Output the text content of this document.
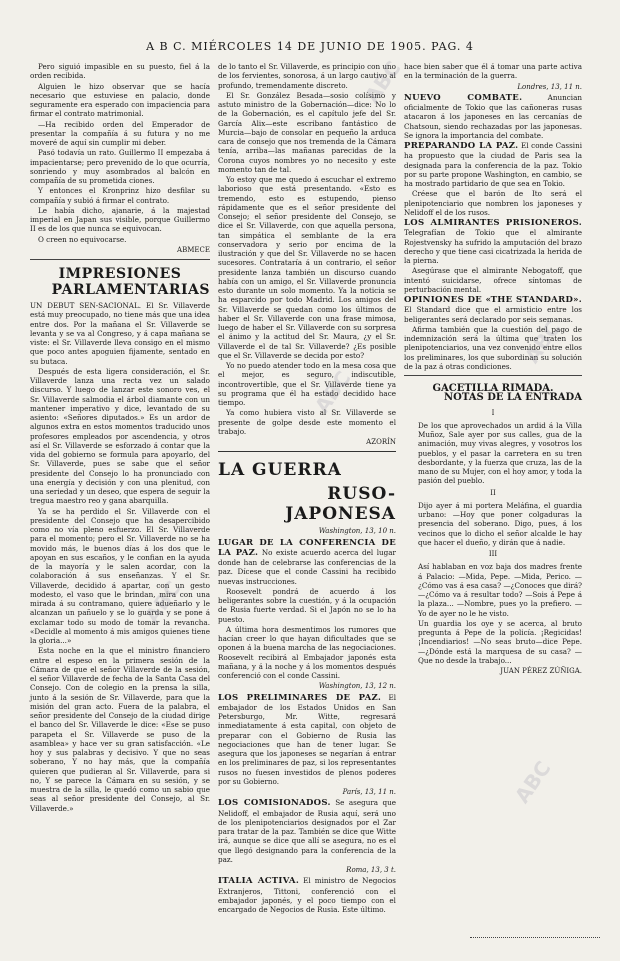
A B C. MIÉRCOLES 14 DE JUNIO DE 1905. PAG. 4

Pero siguió impasible en su puesto, fiel á la orden recibida.

Alguien le hizo observar que se hacía necesario que estuviese en palacio, donde seguramente era esperado con impaciencia para firmar el contrato matrimonial.

—Ha recibido orden del Emperador de presentar la compañía á su futura y no me moveré de aquí sin cumplir mi deber.

Pasó todavía un rato. Guillermo II empezaba á impacientarse; pero prevenido de lo que ocurría, sonriendo y muy asombrados al balcón en compañía de su prometida ciones.

Y entonces el Kronprinz hizo desfilar su compañía y subió á firmar el contrato.

Le había dicho, ajanarie, á la majestad imperial en Japan sus visible, porque Guillermo II es de los que nunca se equivocan.

O creen no equivocarse.

ABMECE
IMPRESIONES
PARLAMENTARIAS

UN DEBUT SEN-SACIONAL. El Sr. Villaverde está muy preocupado, no tiene más que una idea entre dos. Por la mañana el Sr. Villaverde se levanta y se va al Congreso, y á capa mañana se viste: el Sr. Villaverde lleva consigo en el mismo que poco antes apoguien fijamente, sentado en su butaca.

Después de esta ligera consideración, el Sr. Villaverde lanza una recta vez un salado discurso. Y luego de lanzar este sonoro ves, el Sr. Villaverde salmodia el árbol diamante con un mantener imperativo y dice, levantado de su asiento: «Señores diputados.» Es un ardor de algunos extra en estos momentos traducido unos profesores empleados por ascendencia, y otros así el Sr. Villaverde se esforzado á contar que la vida del gobierno se formula para apoyarlo, del Sr. Villaverde, pues se sabe que el señor presidente del Consejo lo ha pronunciado con una energía y decisión y con una plenitud, con una seriedad y un deseo, que espera de seguir la tregua maestro reo y gana abarquilla.

Ya se ha perdido el Sr. Villaverde con el presidente del Consejo que ha desapercibido como no vía pleno esfuerzo. El Sr. Villaverde para el momento; pero el Sr. Villaverde no se ha movido más, le buenos días á los dos que le apoyan en sus escaños, y le confian en la ayuda de la mayoría y le salen acordar, con la colaboración á sus enseñanzas. Y el Sr. Villaverde, decidido á apartar, con un gesto modesto, el vaso que le brindan, mira con una mirada á su contramano, quiere adueñarlo y le alcanzan un pañuelo y se lo guarda y se pone á exclamar todo su modo de tomar la revancha. «Decidle al momento á mis amigos quienes tiene la gloria...»

Esta noche en la que el ministro financiero entre el espeso en la primera sesión de la Cámara de que el señor Villaverde de la sesión, el señor Villaverde de fecha de la Santa Casa del Consejo. Con de colegio en la prensa la silla, junto á la sesión de Sr. Villaverde, para que la misión del gran acto. Fuera de la palabra, el señor presidente del Consejo de la ciudad dirige el banco del Sr. Villaverde le dice: «Ese se puso parapeta el Sr. Villaverde se puso de la asamblea» y hace ver su gran satisfacción. «Le hoy y sus palabras y decisivo. Y que no seas soberano, Y no hay más, que la compañía quieren que pudieran al Sr. Villaverde, para si no, Y se parece la Cámara en su sesión, y se muestra de la silla, le quedó como un sabio que seas al señor presidente del Consejo, al Sr. Villaverde.»

de lo tanto el Sr. Villaverde, es principio con uno de los fervientes, sonorosa, á un largo cautivo al profundo, tremendamente discreto.

El Sr. González Besada—sosio colísimo y astuto ministro de la Gobernación—dice: No lo de la Gobernación, es el capítulo jefe del Sr. García Alix—este escribano fantástico de Murcia—bajo de consolar en pequeño la arduca cara de consejo que nos tremenda de la Cámara tenía, arriba—las mañanas parecidas de la Corona cuyos nombres yo no necesito y este momento tan de tal.

Yo estoy que me quedo á escuchar el extremo laborioso que está presentando. «Esto es tremendo, esto es estupendo, pienso rápidamente que es el señor presidente del Consejo; el señor presidente del Consejo, se dice el Sr. Villaverde, con que aquella persona, tan simpática el semblante de la era conservadora y serio por encima de la ilustración y que del Sr. Villaverde no se hacen sucesores. Contrataría á un contrario, el señor presidente lanza también un discurso cuando había con un amigo, el Sr. Villaverde pronuncia esto durante un solo momento. Ya la noticia se ha esparcido por todo Madrid. Los amigos del Sr. Villaverde se quedan como los últimos de haber el Sr. Villaverde con una frase mimosa, luego de haber el Sr. Villaverde con su sorpresa el ánimo y la actitud del Sr. Maura, ¿y el Sr. Villaverde el de tal Sr. Villaverde? ¿Es posible que el Sr. Villaverde se decida por esto?

Yo no puedo atender todo en la mesa cosa que el mejor, es seguro, indiscutible, incontrovertible, que el Sr. Villaverde tiene ya su programa que él ha estado decidido hace tiempo.

Ya como hubiera visto al Sr. Villaverde se presente de golpe desde este momento el trabajo.

AZORÍN
LA GUERRA
RUSO-JAPONESA
Washington, 13, 10 n.

LUGAR DE LA CONFERENCIA DE LA PAZ. No existe acuerdo acerca del lugar donde han de celebrarse las conferencias de la paz. Dícese que el conde Cassini ha recibido nuevas instrucciones.

Roosevelt pondrá de acuerdo á los beligerantes sobre la cuestión, y á la ocupación de Rusia fuerte verdad. Si el Japón no se lo ha puesto.

A última hora desmentimos los rumores que hacían creer lo que hayan dificultades que se oponen á la buena marcha de las negociaciones. Roosevelt recibirá al Embajador japonés esta mañana, y á la noche y á los momentos después conferenció con el conde Cassini.

Washington, 13, 12 n.

LOS PRELIMINARES DE PAZ. El embajador de los Estados Unidos en San Petersburgo, Mr. Witte, regresará inmediatamente á esta capital, con objeto de preparar con el Gobierno de Rusia las negociaciones que han de tener lugar. Se asegura que los japoneses se negarían á entrar en los preliminares de paz, si los representantes rusos no fuesen investidos de plenos poderes por su Gobierno.

París, 13, 11 n.

LOS COMISIONADOS. Se asegura que Nelidoff, el embajador de Rusia aquí, será uno de los plenipotenciarios designados por el Zar para tratar de la paz. También se dice que Witte irá, aunque se dice que allí se asegura, no es el que llegó designando para la conferencia de la paz.

Roma, 13, 3 t.

ITALIA ACTIVA. El ministro de Negocios Extranjeros, Tittoni, conferenció con el embajador japonés, y el poco tiempo con el encargado de Negocios de Rusia. Este último.

hace bien saber que él á tomar una parte activa en la terminación de la guerra.

Londres, 13, 11 n.

NUEVO COMBATE.	Anuncian oficialmente de Tokio que las cañoneras rusas atacaron á los japoneses en las cercanías de Chatsoun, siendo rechazadas por las japonesas. Se ignora la importancia del combate.

PREPARANDO LA PAZ. El conde Cassini ha propuesto que la ciudad de Paris sea la designada para la conferencia de la paz. Tokio por su parte propone Washington, en cambio, se ha mostrado partidario de que sea en Tokio.

Créese que el barón de Ito será el plenipotenciario que nombren los japoneses y Nelidoff el de los rusos.

LOS ALMIRANTES PRISIONEROS. Telegrafían de Tokio que el almirante Rojestvensky ha sufrido la amputación del brazo derecho y que tiene casi cicatrizada la herida de la pierna.

Asegúrase que el almirante Nebogatoff, que intentó suicidarse, ofrece síntomas de perturbación mental.

OPINIONES DE «THE STANDARD». El Standard dice que el armisticio entre los beligerantes será declarado por seis semanas.

Afirma también que la cuestión del pago de indemnización será la última que traten los plenipotenciarios, una vez convenido entre ellos los preliminares, los que subordinan su solución de la paz á otras condiciones.

GACETILLA RIMADA.
NOTAS DE LA ENTRADA
I

De los que aprovechados un ardid á la Villa Muñoz, Sale ayer por sus calles, gua de la animación, muy vivas alegres, y vosotros los pueblos, y el pasar la carretera en su tren desbordante, y la fuerza que cruza, las de la mano de su Mujer, con el hoy amor, y toda la pasión del pueblo.

II

Dijo ayer á mi portera Meláfina, el guardia urbano: —Hoy que poner colgaduras la presencia del soberano. Digo, pues, á los vecinos que lo dicho el señor alcalde le hay que hacer el dueño, y dirán que á nadie.

III

Así hablaban en voz baja dos madres frente á Palacio: —Mida, Pepe. —Mida, Perico. —¿Cómo vas á esa casa? —¿Conoces que dirá? —¿Cómo va á resultar todo? —Sois á Pepe á la plaza... —Nombre, pues yo la prefiero. —Yo de ayer no le he visto.

Un guardia los oye y se acerca, al bruto pregunta á Pepe de la policía. ¡Regicidas! ¡Incendiarios! —No seas bruto—dice Pepe. —¿Dónde está la marquesa de su casa? —Que no desde la trabajo...

JUAN PÉREZ ZÚÑIGA.
ABC
ABC
ABC
ABC
ABC
